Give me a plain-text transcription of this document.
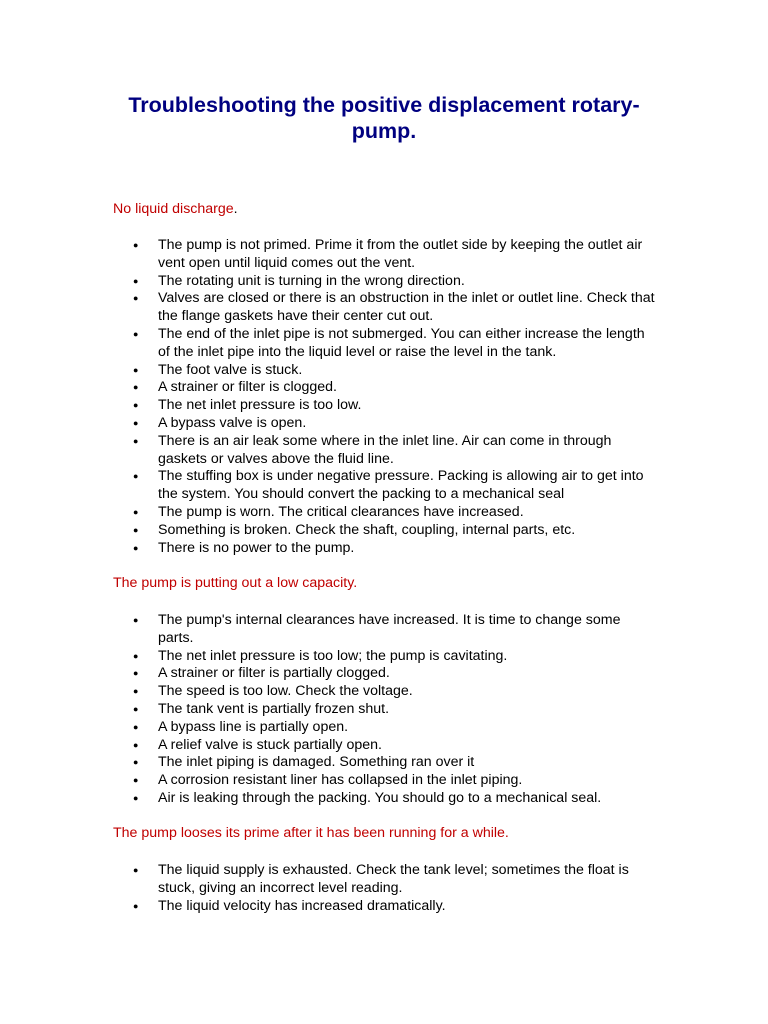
Troubleshooting the positive displacement rotary-pump.

No liquid discharge.

● The pump is not primed. Prime it from the outlet side by keeping the outlet air vent open until liquid comes out the vent.
● The rotating unit is turning in the wrong direction.
● Valves are closed or there is an obstruction in the inlet or outlet line. Check that the flange gaskets have their center cut out.
● The end of the inlet pipe is not submerged. You can either increase the length of the inlet pipe into the liquid level or raise the level in the tank.
● The foot valve is stuck.
● A strainer or filter is clogged.
● The net inlet pressure is too low.
● A bypass valve is open.
● There is an air leak some where in the inlet line. Air can come in through gaskets or valves above the fluid line.
● The stuffing box is under negative pressure. Packing is allowing air to get into the system. You should convert the packing to a mechanical seal
● The pump is worn. The critical clearances have increased.
● Something is broken. Check the shaft, coupling, internal parts, etc.
● There is no power to the pump.

The pump is putting out a low capacity.

● The pump's internal clearances have increased. It is time to change some parts.
● The net inlet pressure is too low; the pump is cavitating.
● A strainer or filter is partially clogged.
● The speed is too low. Check the voltage.
● The tank vent is partially frozen shut.
● A bypass line is partially open.
● A relief valve is stuck partially open.
● The inlet piping is damaged. Something ran over it
● A corrosion resistant liner has collapsed in the inlet piping.
● Air is leaking through the packing. You should go to a mechanical seal.

The pump looses its prime after it has been running for a while.

● The liquid supply is exhausted. Check the tank level; sometimes the float is stuck, giving an incorrect level reading.
● The liquid velocity has increased dramatically.
